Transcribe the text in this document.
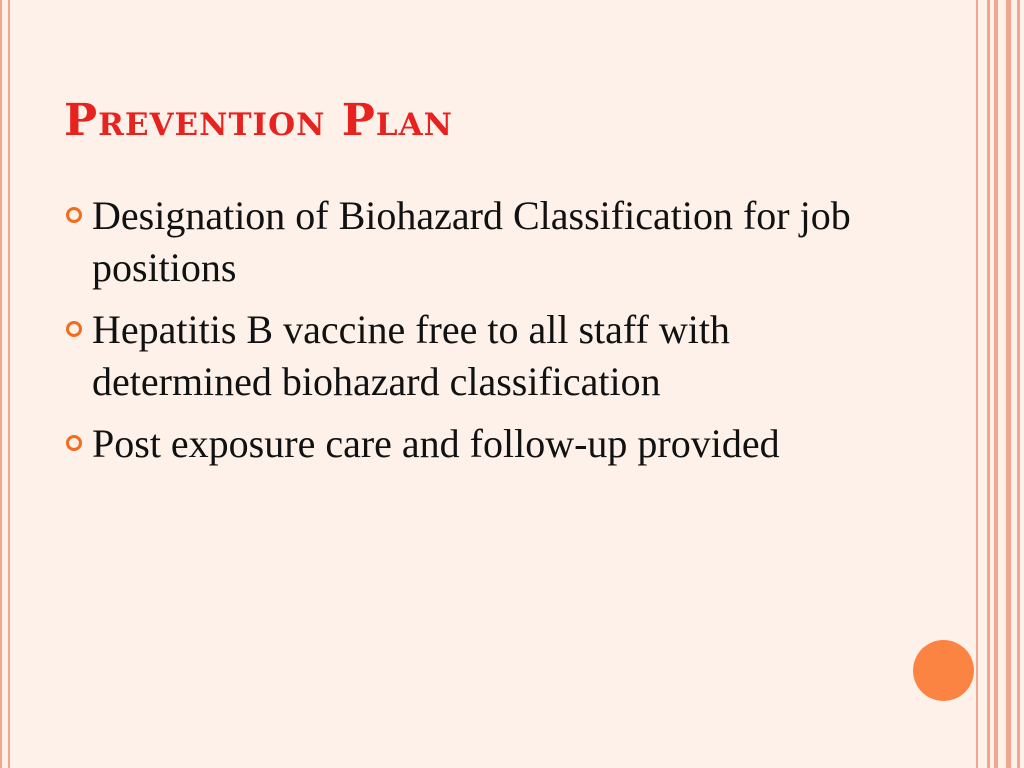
Prevention Plan
Designation of Biohazard Classification for job positions
Hepatitis B vaccine free to all staff with determined biohazard classification
Post exposure care and follow-up provided
